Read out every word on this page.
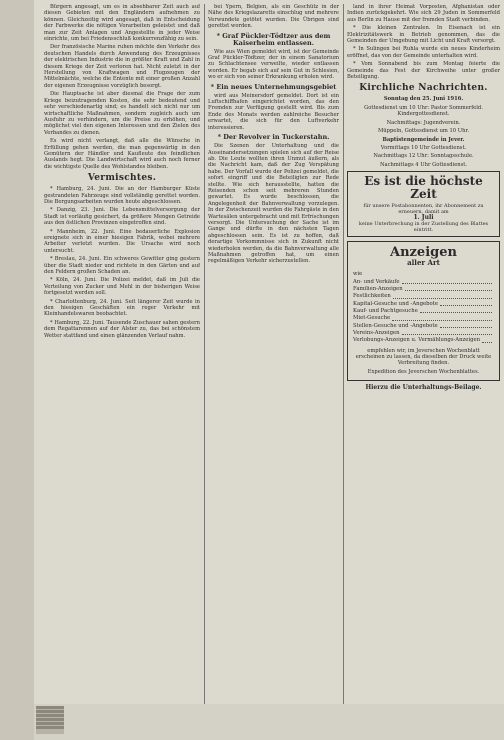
Bürgern angesagt, um es in absehbarer Zeit auch auf diesen Gebieten mit den Engländern aufnehmen zu können. Gleichzeitig wird angesagt, daß in Entscheidung der Farbwerke die nötigen Vorarbeiten geleistet und daß man zur Zeit Anlagen und Angestellte in jeder Weise einrichte, um bei Friedensschluß konkurrenzfähig zu sein.

Der französische Marine ruhen möchte den Verkehr des deutschen Handels durch Anwendung des Erzeugnisses der elektrischen Industrie die in größter Kraft und Zahl in diesem Kriege der Zeit verloren hat. Nicht zuletzt in der Herstellung von Kraftwagen und Flugzeugen der Mittelmächte, welche die Entente mit einer großen Anzahl der eigenen Erzeugnisse vorzüglich besorgt.

Die Hauptsache ist aber diesmal die Frage der zum Kriege beizutragenden Kosten, die sehr bedeutend und sehr verschiedenartig sind; es handelt sich nicht nur um wirtschaftliche Maßnahmen, sondern zugleich auch um Ausfuhr zu verhindern, um die Preise zu erhöhen, und möglichst viel den eigenen Interessen und den Zielen des Verbandes zu dienen.

Es wird nicht verlangt, daß alle die Wünsche in Erfüllung gehen werden, die man gegenwärtig in den Gemütern der Händler und Kaufleute des feindlichen Auslands hegt. Die Landwirtschaft wird auch noch ferner die wichtigste Quelle des Wohlstandes bleiben.

Vermischtes.

* Hamburg, 24. Juni. Die an der Hamburger Küste gestrandeten Fahrzeuge sind vollständig gerettet worden. Die Bergungsarbeiten wurden heute abgeschlossen.

* Danzig, 23. Juni. Die Lebensmittelversorgung der Stadt ist vorläufig gesichert, da größere Mengen Getreide aus den östlichen Provinzen eingetroffen sind.

* Mannheim, 22. Juni. Eine bedauerliche Explosion ereignete sich in einer hiesigen Fabrik, wobei mehrere Arbeiter verletzt wurden. Die Ursache wird noch untersucht.

* Breslau, 24. Juni. Ein schweres Gewitter ging gestern über die Stadt nieder und richtete in den Gärten und auf den Feldern großen Schaden an.

* Köln, 24. Juni. Die Polizei meldet, daß im Juli die Verteilung von Zucker und Mehl in der bisherigen Weise fortgesetzt werden soll.

* Charlottenburg, 24. Juni. Seit längerer Zeit wurde in den hiesigen Geschäften ein reger Verkehr mit Kleinhandelswaren beobachtet.

* Hamburg, 22. Juni. Tausende Zuschauer sahen gestern dem Regattarennen auf der Alster zu, das bei schönstem Wetter stattfand und einen glänzenden Verlauf nahm.

bei Ypern, Belgien, als ein Geschütz in der Nähe des Kriegslazaretts einschlug und mehrere Verwundete getötet wurden. Die Übrigen sind gerettet worden.

* Graf Pückler-Tödtzer aus dem Kaiserheim entlassen.

Wie aus Wien gemeldet wird, ist der Gemeinde Graf Pückler-Tödtzer, der in einem Sanatorium zu Schlachtensee verweilte, wieder entlassen worden. Er begab sich auf sein Gut in Schlesien, wo er sich von seiner Erkrankung erholen wird.

* Ein neues Unternehmungsgebiet

wird aus Meinersdorf gemeldet. Dort ist ein Luftschiffhafen eingerichtet worden, das den Fremden zur Verfügung gestellt wird. Bis zum Ende des Monats werden zahlreiche Besucher erwartet, die sich für den Luftverkehr interessieren.

* Der Revolver in Tuckerstahn.

Die Szenen der Unterhaltung und die Auseinandersetzungen spielen sich auf der Reise ab. Die Leute wollten ihren Unmut äußern, als die Nachricht kam, daß der Zug Verspätung habe. Der Vorfall wurde der Polizei gemeldet, die sofort eingriff und die Beteiligten zur Rede stellte. Wie sich herausstellte, hatten die Reisenden schon seit mehreren Stunden gewartet. Es wurde beschlossen, die Angelegenheit der Bahnverwaltung vorzulegen. In der Zwischenzeit wurden die Fahrgäste in den Wartesälen untergebracht und mit Erfrischungen versorgt. Die Untersuchung der Sache ist im Gange und dürfte in den nächsten Tagen abgeschlossen sein. Es ist zu hoffen, daß derartige Vorkommnisse sich in Zukunft nicht wiederholen werden, da die Bahnverwaltung alle Maßnahmen getroffen hat, um einen regelmäßigen Verkehr sicherzustellen.

land in ihrer Heimat Vorposten, Afghanistan oder Indien zurückgekehrt. Wie sich 29 Juden in Sommerfeld aus Berlin zu Hause mit der fremden Stadt verbinden.

* Die kleinen Zentralen. In Eisenach ist ein Elektrizitätswerk in Betrieb genommen, das die Gemeinden der Umgebung mit Licht und Kraft versorgt.

* In Sulingen bei Ruhla wurde ein neues Kinderheim eröffnet, das von der Gemeinde unterhalten wird.

* Vom Sonnabend bis zum Montag feierte die Gemeinde das Fest der Kirchweihe unter großer Beteiligung.

Kirchliche Nachrichten.

Sonntag den 25. Juni 1916.

Gottesdienst um 10 Uhr: Pastor Sommerfeld. Kindergottesdienst.

Nachmittags: Jugendverein.

Müppeln, Gottesdienst um 10 Uhr.

Baptistengemeinde in Jever.

Vormittags 10 Uhr Gottesdienst.

Nachmittags 12 Uhr: Sonntagsschule.

Nachmittags 4 Uhr Gottesdienst.

Es ist die höchste Zeit

für unsere Postabonnenten, ihr Abonnement zu erneuern, damit am

1. Juli

keine Unterbrechung in der Zustellung des Blattes eintritt.

Anzeigen
aller Art

wie

An- und Verkäufe
Familien-Anzeigen
Festlichkeiten
Kapital-Gesuche und -Angebote
Kauf- und Pachtgesuche
Miet-Gesuche
Stellen-Gesuche und -Angebote
Vereins-Anzeigen
Verlobungs-Anzeigen u. Vermählungs-Anzeigen

empfehlen wir, im Jeverschen Wochenblatt erscheinen zu lassen, da dieselben der Druck weite Verbreitung finden.

Expedition des Jeverschen Wochenblattes.

Hierzu die Unterhaltungs-Beilage.
